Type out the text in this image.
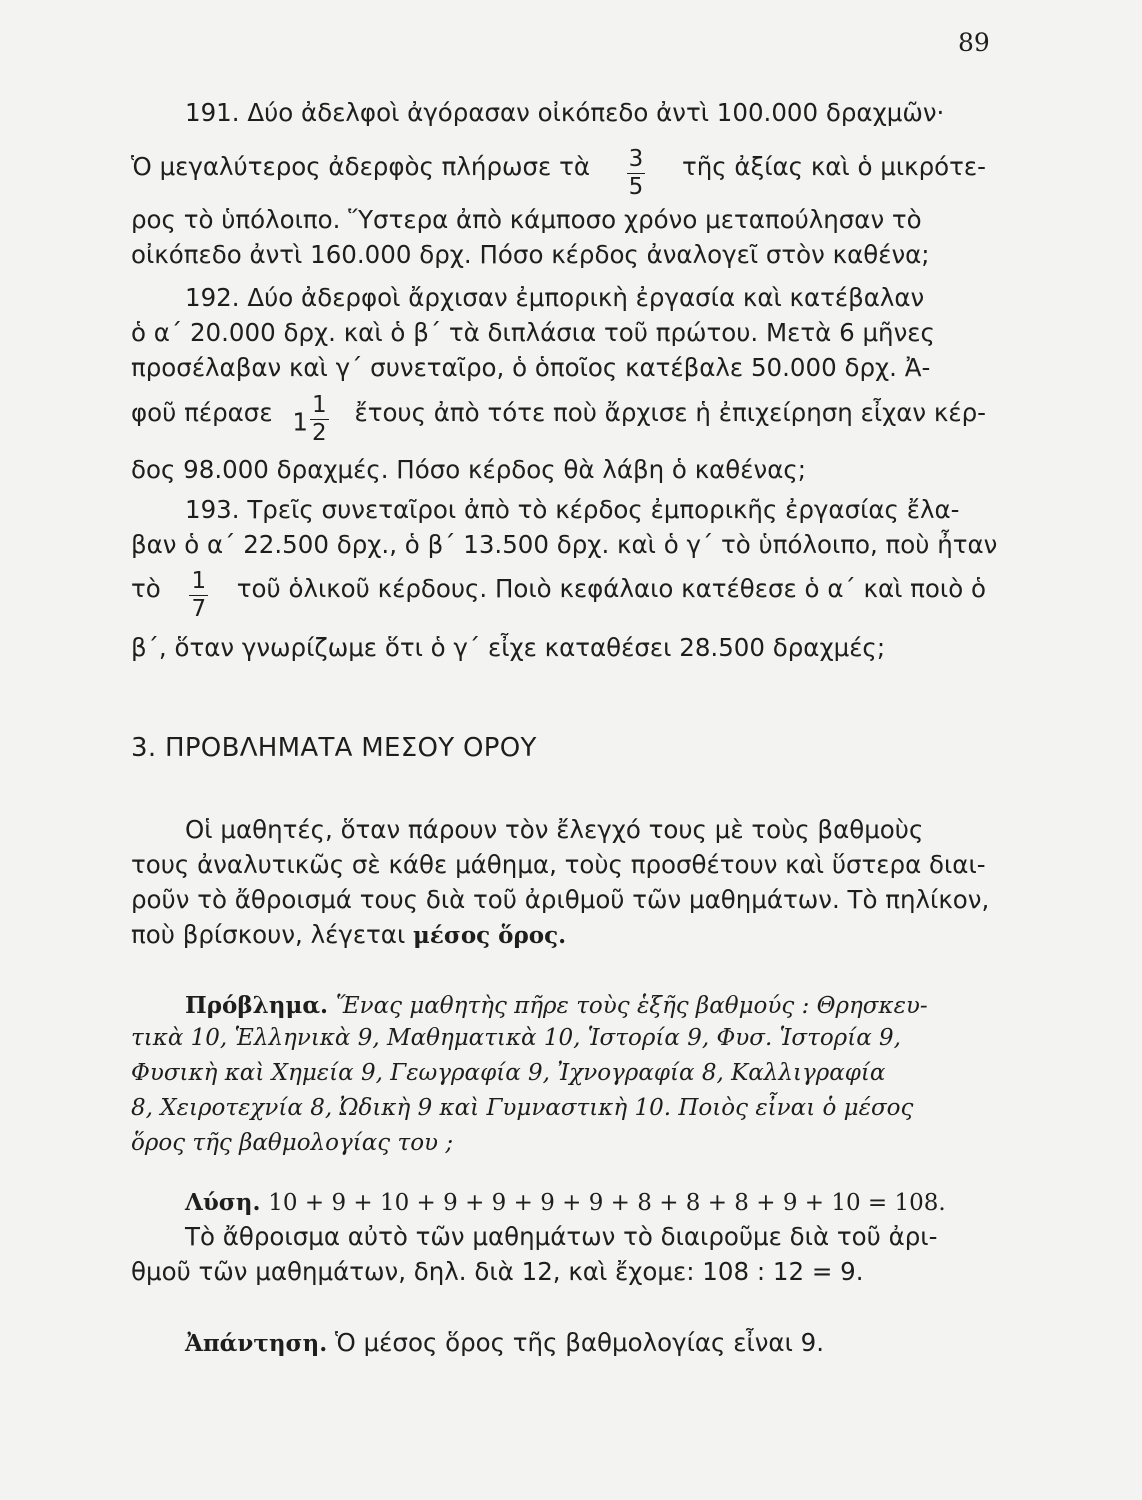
89
191. Δύο ἀδελφοὶ ἀγόρασαν οἰκόπεδο ἀντὶ 100.000 δραχμῶν·
Ὁ μεγαλύτερος ἀδερφὸς πλήρωσε τὰ $\frac{3}{5}$ τῆς ἀξίας καὶ ὁ μικρότε-
ρος τὸ ὑπόλοιπο. Ὕστερα ἀπὸ κάμποσο χρόνο μεταπούλησαν τὸ
οἰκόπεδο ἀντὶ 160.000 δρχ. Πόσο κέρδος ἀναλογεῖ στὸν καθένα;
192. Δύο ἀδερφοὶ ἄρχισαν ἐμπορικὴ ἐργασία καὶ κατέβαλαν
ὁ α΄ 20.000 δρχ. καὶ ὁ β΄ τὰ διπλάσια τοῦ πρώτου. Μετὰ 6 μῆνες
προσέλαβαν καὶ γ΄ συνεταῖρο, ὁ ὁποῖος κατέβαλε 50.000 δρχ. Ἀ-
φοῦ πέρασε $1 \frac{1}{2}$ ἔτους ἀπὸ τότε ποὺ ἄρχισε ἡ ἐπιχείρηση εἶχαν κέρ-
δος 98.000 δραχμές. Πόσο κέρδος θὰ λάβη ὁ καθένας;
193. Τρεῖς συνεταῖροι ἀπὸ τὸ κέρδος ἐμπορικῆς ἐργασίας ἔλα-
βαν ὁ α΄ 22.500 δρχ., ὁ β΄ 13.500 δρχ. καὶ ὁ γ΄ τὸ ὑπόλοιπο, ποὺ ἦταν
τὸ $\frac{1}{7}$ τοῦ ὁλικοῦ κέρδους. Ποιὸ κεφάλαιο κατέθεσε ὁ α΄ καὶ ποιὸ ὁ
β΄, ὅταν γνωρίζωμε ὅτι ὁ γ΄ εἶχε καταθέσει 28.500 δραχμές;
3. ΠΡΟΒΛΗΜΑΤΑ ΜΕΣΟΥ ΟΡΟΥ
Οἱ μαθητές, ὅταν πάρουν τὸν ἔλεγχό τους μὲ τοὺς βαθμοὺς
τους ἀναλυτικῶς σὲ κάθε μάθημα, τοὺς προσθέτουν καὶ ὕστερα διαι-
ροῦν τὸ ἄθροισμά τους διὰ τοῦ ἀριθμοῦ τῶν μαθημάτων. Τὸ πηλίκον,
ποὺ βρίσκουν, λέγεται μέσος ὅρος.
Πρόβλημα. Ἕνας μαθητὴς πῆρε τοὺς ἑξῆς βαθμούς : Θρησκευ-
τικὰ 10, Ἑλληνικὰ 9, Μαθηματικὰ 10, Ἱστορία 9, Φυσ. Ἱστορία 9,
Φυσικὴ καὶ Χημεία 9, Γεωγραφία 9, Ἰχνογραφία 8, Καλλιγραφία
8, Χειροτεχνία 8, Ὠδικὴ 9 καὶ Γυμναστικὴ 10. Ποιὸς εἶναι ὁ μέσος
ὅρος τῆς βαθμολογίας του ;
Λύση. 10 + 9 + 10 + 9 + 9 + 9 + 9 + 8 + 8 + 8 + 9 + 10 = 108.
Τὸ ἄθροισμα αὐτὸ τῶν μαθημάτων τὸ διαιροῦμε διὰ τοῦ ἀρι-
θμοῦ τῶν μαθημάτων, δηλ. διὰ 12, καὶ ἔχομε: 108 : 12 = 9.
Ἀπάντηση. Ὁ μέσος ὅρος τῆς βαθμολογίας εἶναι 9.
